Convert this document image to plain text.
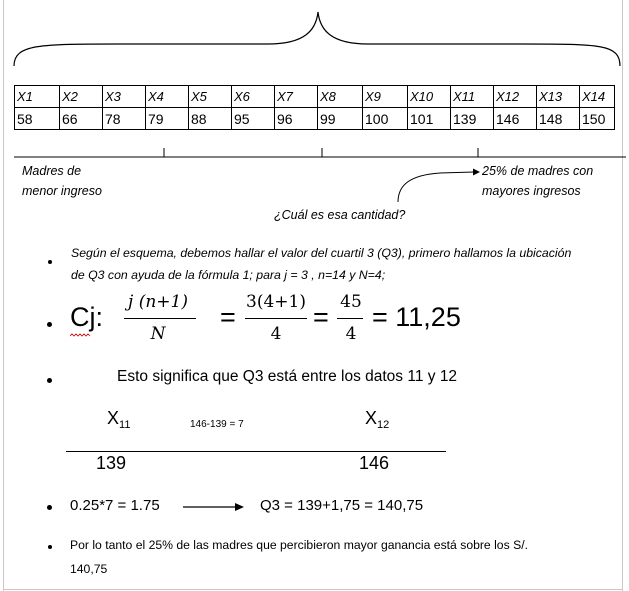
X1	X2	X3	X4	X5	X6	X7	X8	X9	X10	X11	X12	X13	X14
58	66	78	79	88	95	96	99	100	101	139	146	148	150
Madres de
menor ingreso
25% de madres con
mayores ingresos
¿Cuál es esa cantidad?
Según el esquema, debemos hallar el valor del cuartil 3 (Q3), primero hallamos la ubicación
de Q3 con ayuda de la fórmula 1; para j = 3 , n=14 y N=4;
Cj:	j (n+1)
N
= 3(4+1)
4
= 45
4
= 11,25
Esto significa que Q3 está entre los datos 11 y 12
$X_{11}$	146-139 = 7	$X_{12}$
139	146
0.25*7 = 1.75	Q3 = 139+1,75 = 140,75
Por lo tanto el 25% de las madres que percibieron mayor ganancia está sobre los S/.
140,75
